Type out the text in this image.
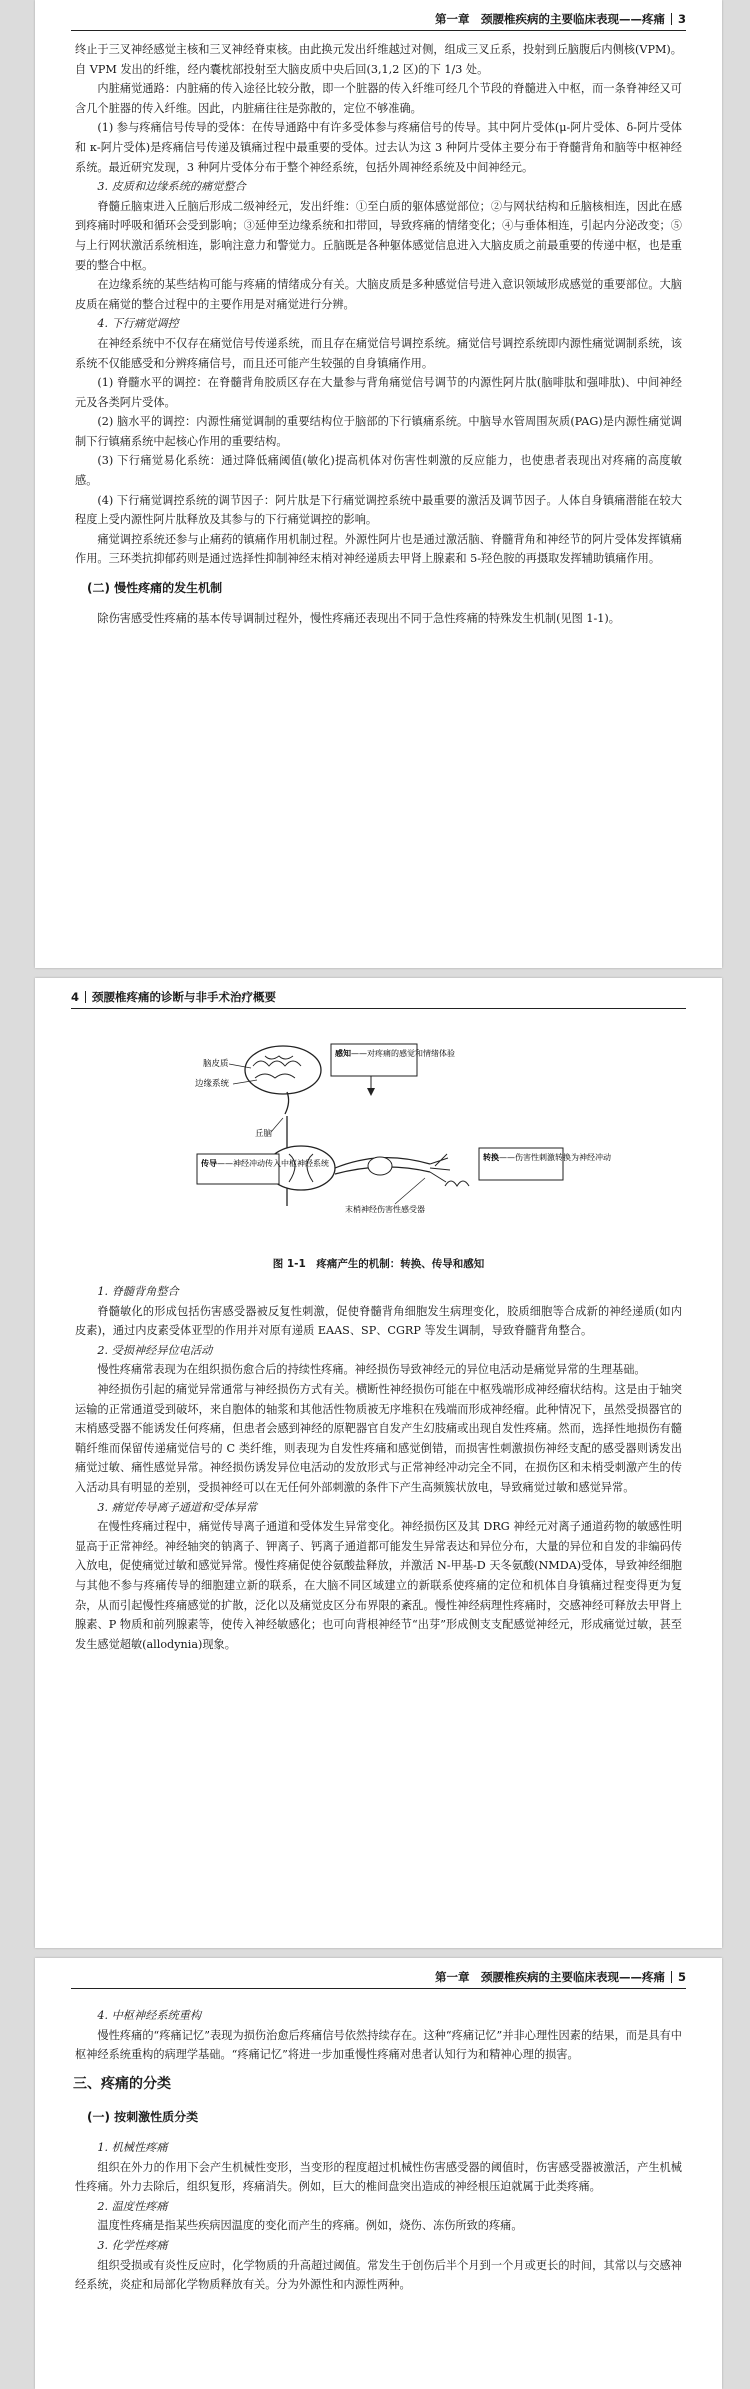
第一章　颈腰椎疾病的主要临床表现——疼痛 3

终止于三叉神经感觉主核和三叉神经脊束核。由此换元发出纤维越过对侧，组成三叉丘系，投射到丘脑腹后内侧核(VPM)。自 VPM 发出的纤维，经内囊枕部投射至大脑皮质中央后回(3,1,2 区)的下 1/3 处。

内脏痛觉通路：内脏痛的传入途径比较分散，即一个脏器的传入纤维可经几个节段的脊髓进入中枢，而一条脊神经又可含几个脏器的传入纤维。因此，内脏痛往往是弥散的，定位不够准确。

(1) 参与疼痛信号传导的受体：在传导通路中有许多受体参与疼痛信号的传导。其中阿片受体(μ-阿片受体、δ-阿片受体和 κ-阿片受体)是疼痛信号传递及镇痛过程中最重要的受体。过去认为这 3 种阿片受体主要分布于脊髓背角和脑等中枢神经系统。最近研究发现，3 种阿片受体分布于整个神经系统，包括外周神经系统及中间神经元。

3. 皮质和边缘系统的痛觉整合

脊髓丘脑束进入丘脑后形成二级神经元，发出纤维：①至白质的躯体感觉部位；②与网状结构和丘脑核相连，因此在感到疼痛时呼吸和循环会受到影响；③延伸至边缘系统和扣带回，导致疼痛的情绪变化；④与垂体相连，引起内分泌改变；⑤与上行网状激活系统相连，影响注意力和警觉力。丘脑既是各种躯体感觉信息进入大脑皮质之前最重要的传递中枢，也是重要的整合中枢。

在边缘系统的某些结构可能与疼痛的情绪成分有关。大脑皮质是多种感觉信号进入意识领域形成感觉的重要部位。大脑皮质在痛觉的整合过程中的主要作用是对痛觉进行分辨。

4. 下行痛觉调控

在神经系统中不仅存在痛觉信号传递系统，而且存在痛觉信号调控系统。痛觉信号调控系统即内源性痛觉调制系统，该系统不仅能感受和分辨疼痛信号，而且还可能产生较强的自身镇痛作用。

(1) 脊髓水平的调控：在脊髓背角胶质区存在大量参与背角痛觉信号调节的内源性阿片肽(脑啡肽和强啡肽)、中间神经元及各类阿片受体。

(2) 脑水平的调控：内源性痛觉调制的重要结构位于脑部的下行镇痛系统。中脑导水管周围灰质(PAG)是内源性痛觉调制下行镇痛系统中起核心作用的重要结构。

(3) 下行痛觉易化系统：通过降低痛阈值(敏化)提高机体对伤害性刺激的反应能力，也使患者表现出对疼痛的高度敏感。

(4) 下行痛觉调控系统的调节因子：阿片肽是下行痛觉调控系统中最重要的激活及调节因子。人体自身镇痛潜能在较大程度上受内源性阿片肽释放及其参与的下行痛觉调控的影响。

痛觉调控系统还参与止痛药的镇痛作用机制过程。外源性阿片也是通过激活脑、脊髓背角和神经节的阿片受体发挥镇痛作用。三环类抗抑郁药则是通过选择性抑制神经末梢对神经递质去甲肾上腺素和 5-羟色胺的再摄取发挥辅助镇痛作用。

(二) 慢性疼痛的发生机制

除伤害感受性疼痛的基本传导调制过程外，慢性疼痛还表现出不同于急性疼痛的特殊发生机制(见图 1-1)。

4 颈腰椎疼痛的诊断与非手术治疗概要
脑皮质
边缘系统
丘脑
感知——对疼痛的感觉和情绪体验
传导——神经冲动传入中枢神经系统
末梢神经伤害性感受器
转换——伤害性刺激转换为神经冲动
图 1-1　疼痛产生的机制：转换、传导和感知

1. 脊髓背角整合

脊髓敏化的形成包括伤害感受器被反复性刺激，促使脊髓背角细胞发生病理变化，胶质细胞等合成新的神经递质(如内皮素)，通过内皮素受体亚型的作用并对原有递质 EAAS、SP、CGRP 等发生调制，导致脊髓背角整合。

2. 受损神经异位电活动

慢性疼痛常表现为在组织损伤愈合后的持续性疼痛。神经损伤导致神经元的异位电活动是痛觉异常的生理基础。

神经损伤引起的痛觉异常通常与神经损伤方式有关。横断性神经损伤可能在中枢残端形成神经瘤状结构。这是由于轴突运输的正常通道受到破坏，来自胞体的轴浆和其他活性物质被无序堆积在残端而形成神经瘤。此种情况下，虽然受损器官的末梢感受器不能诱发任何疼痛，但患者会感到神经的原靶器官自发产生幻肢痛或出现自发性疼痛。然而，选择性地损伤有髓鞘纤维而保留传递痛觉信号的 C 类纤维，则表现为自发性疼痛和感觉倒错，而损害性刺激损伤神经支配的感受器则诱发出痛觉过敏、痛性感觉异常。神经损伤诱发异位电活动的发放形式与正常神经冲动完全不同，在损伤区和未梢受刺激产生的传入活动具有明显的差别，受损神经可以在无任何外部刺激的条件下产生高频簇状放电，导致痛觉过敏和感觉异常。

3. 痛觉传导离子通道和受体异常

在慢性疼痛过程中，痛觉传导离子通道和受体发生异常变化。神经损伤区及其 DRG 神经元对离子通道药物的敏感性明显高于正常神经。神经轴突的钠离子、钾离子、钙离子通道都可能发生异常表达和异位分布，大量的异位和自发的非编码传入放电，促使痛觉过敏和感觉异常。慢性疼痛促使谷氨酸盐释放，并激活 N-甲基-D 天冬氨酸(NMDA)受体，导致神经细胞与其他不参与疼痛传导的细胞建立新的联系，在大脑不同区域建立的新联系使疼痛的定位和机体自身镇痛过程变得更为复杂，从而引起慢性疼痛感觉的扩散，泛化以及痛觉皮区分布界限的紊乱。慢性神经病理性疼痛时，交感神经可释放去甲肾上腺素、P 物质和前列腺素等，使传入神经敏感化；也可向背根神经节“出芽”形成侧支支配感觉神经元，形成痛觉过敏，甚至发生感觉超敏(allodynia)现象。

第一章　颈腰椎疾病的主要临床表现——疼痛 5

4. 中枢神经系统重构

慢性疼痛的“疼痛记忆”表现为损伤治愈后疼痛信号依然持续存在。这种“疼痛记忆”并非心理性因素的结果，而是具有中枢神经系统重构的病理学基础。“疼痛记忆”将进一步加重慢性疼痛对患者认知行为和精神心理的损害。

三、疼痛的分类

(一) 按刺激性质分类

1. 机械性疼痛

组织在外力的作用下会产生机械性变形，当变形的程度超过机械性伤害感受器的阈值时，伤害感受器被激活，产生机械性疼痛。外力去除后，组织复形，疼痛消失。例如，巨大的椎间盘突出造成的神经根压迫就属于此类疼痛。

2. 温度性疼痛

温度性疼痛是指某些疾病因温度的变化而产生的疼痛。例如，烧伤、冻伤所致的疼痛。

3. 化学性疼痛

组织受损或有炎性反应时，化学物质的升高超过阈值。常发生于创伤后半个月到一个月或更长的时间，其常以与交感神经系统，炎症和局部化学物质释放有关。分为外源性和内源性两种。
